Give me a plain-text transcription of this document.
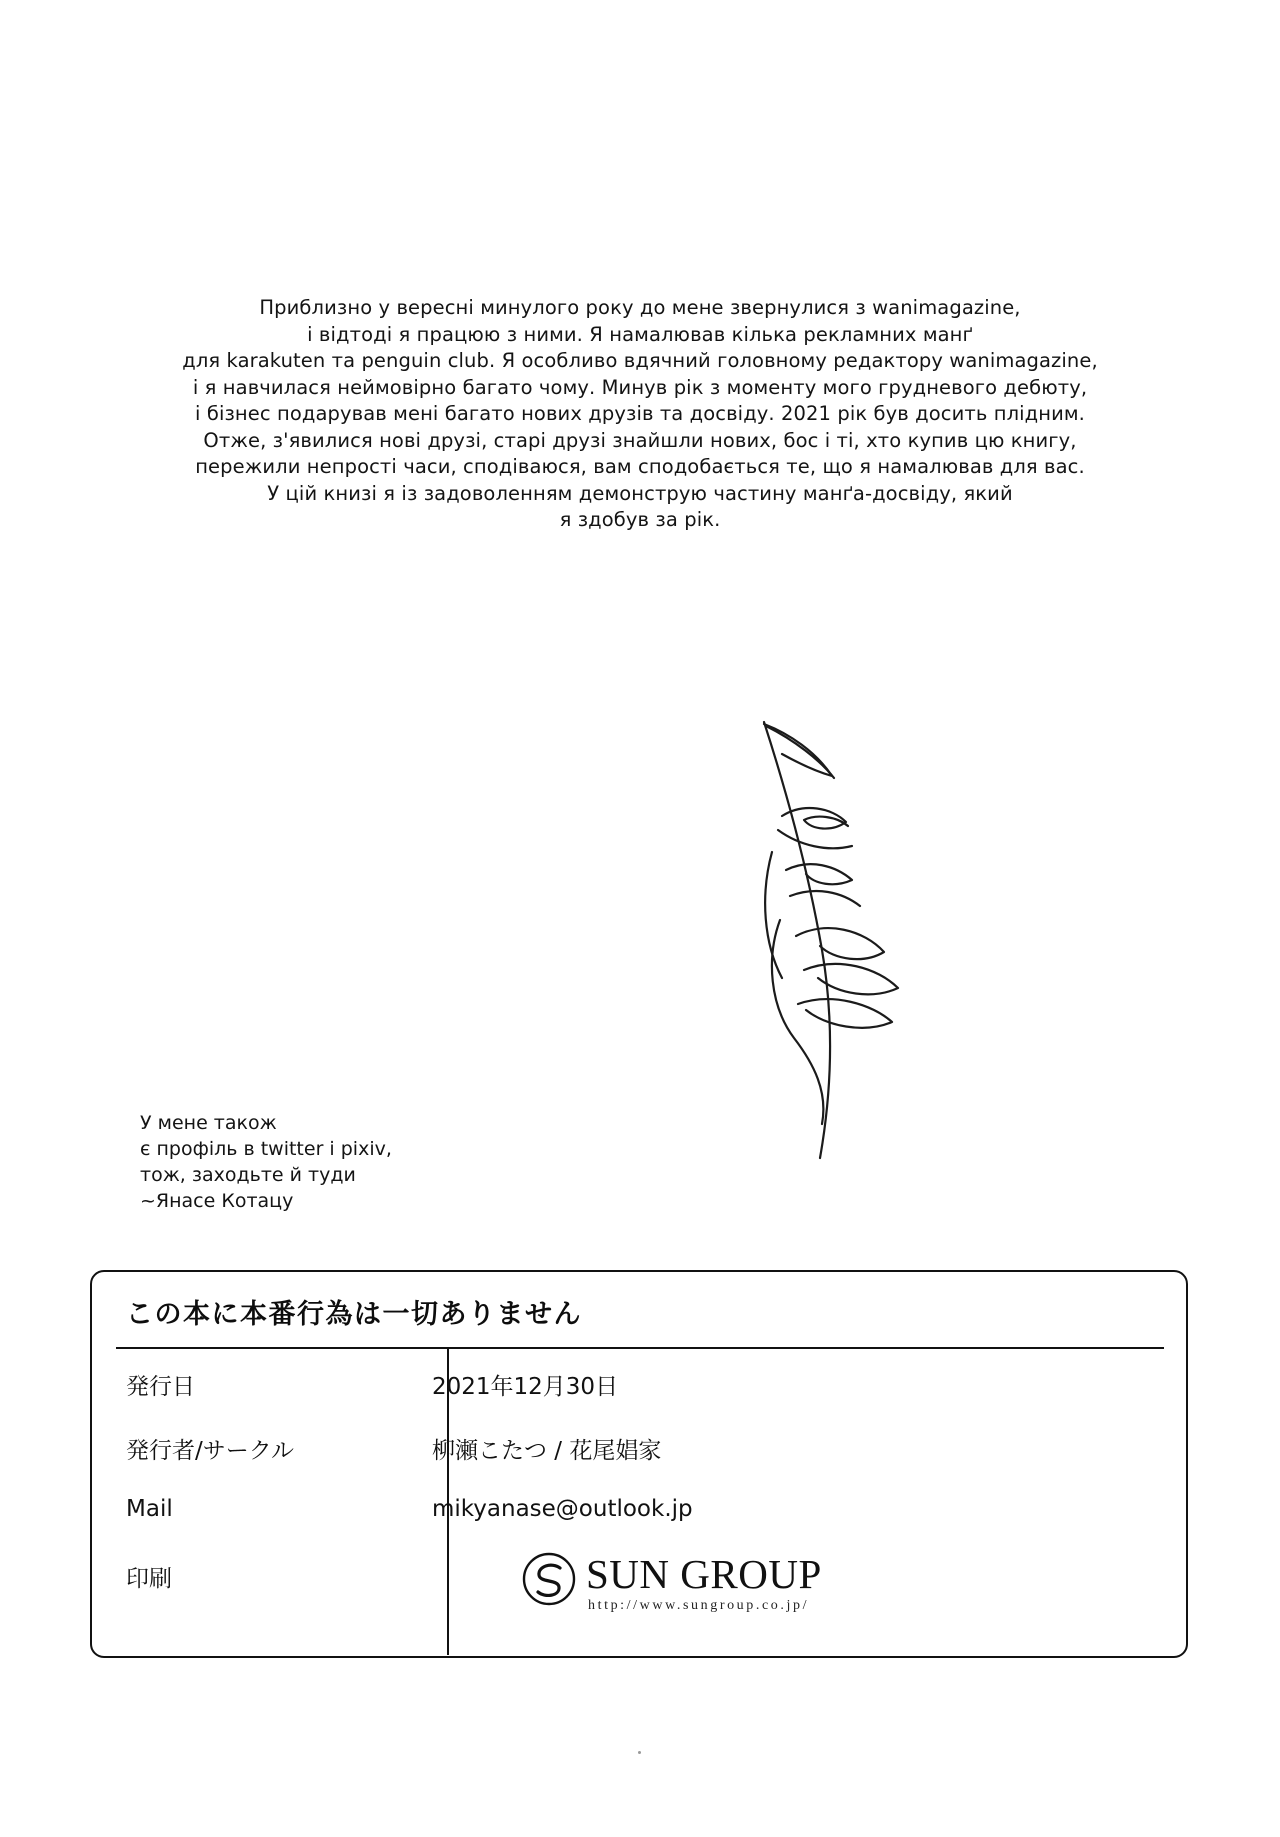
Приблизно у вересні минулого року до мене звернулися з wanimagazine,

і відтоді я працюю з ними. Я намалював кілька рекламних манґ

для karakuten та penguin club. Я особливо вдячний головному редактору wanimagazine,

і я навчилася неймовірно багато чому. Минув рік з моменту мого грудневого дебюту,

і бізнес подарував мені багато нових друзів та досвіду. 2021 рік був досить плідним.

Отже, з'явилися нові друзі, старі друзі знайшли нових, бос і ті, хто купив цю книгу,

пережили непрості часи, сподіваюся, вам сподобається те, що я намалював для вас.

У цій книзі я із задоволенням демонструю частину манґа-досвіду, який

я здобув за рік.

У мене також

є профіль в twitter і pixiv,

тож, заходьте й туди

~Янасе Котацу

この本に本番行為は一切ありません
発行日	2021年12月30日
発行者/サークル	柳瀬こたつ / 花尾娼家
Mail	mikyanase@outlook.jp
印刷	SUN GROUP
http://www.sungroup.co.jp/
